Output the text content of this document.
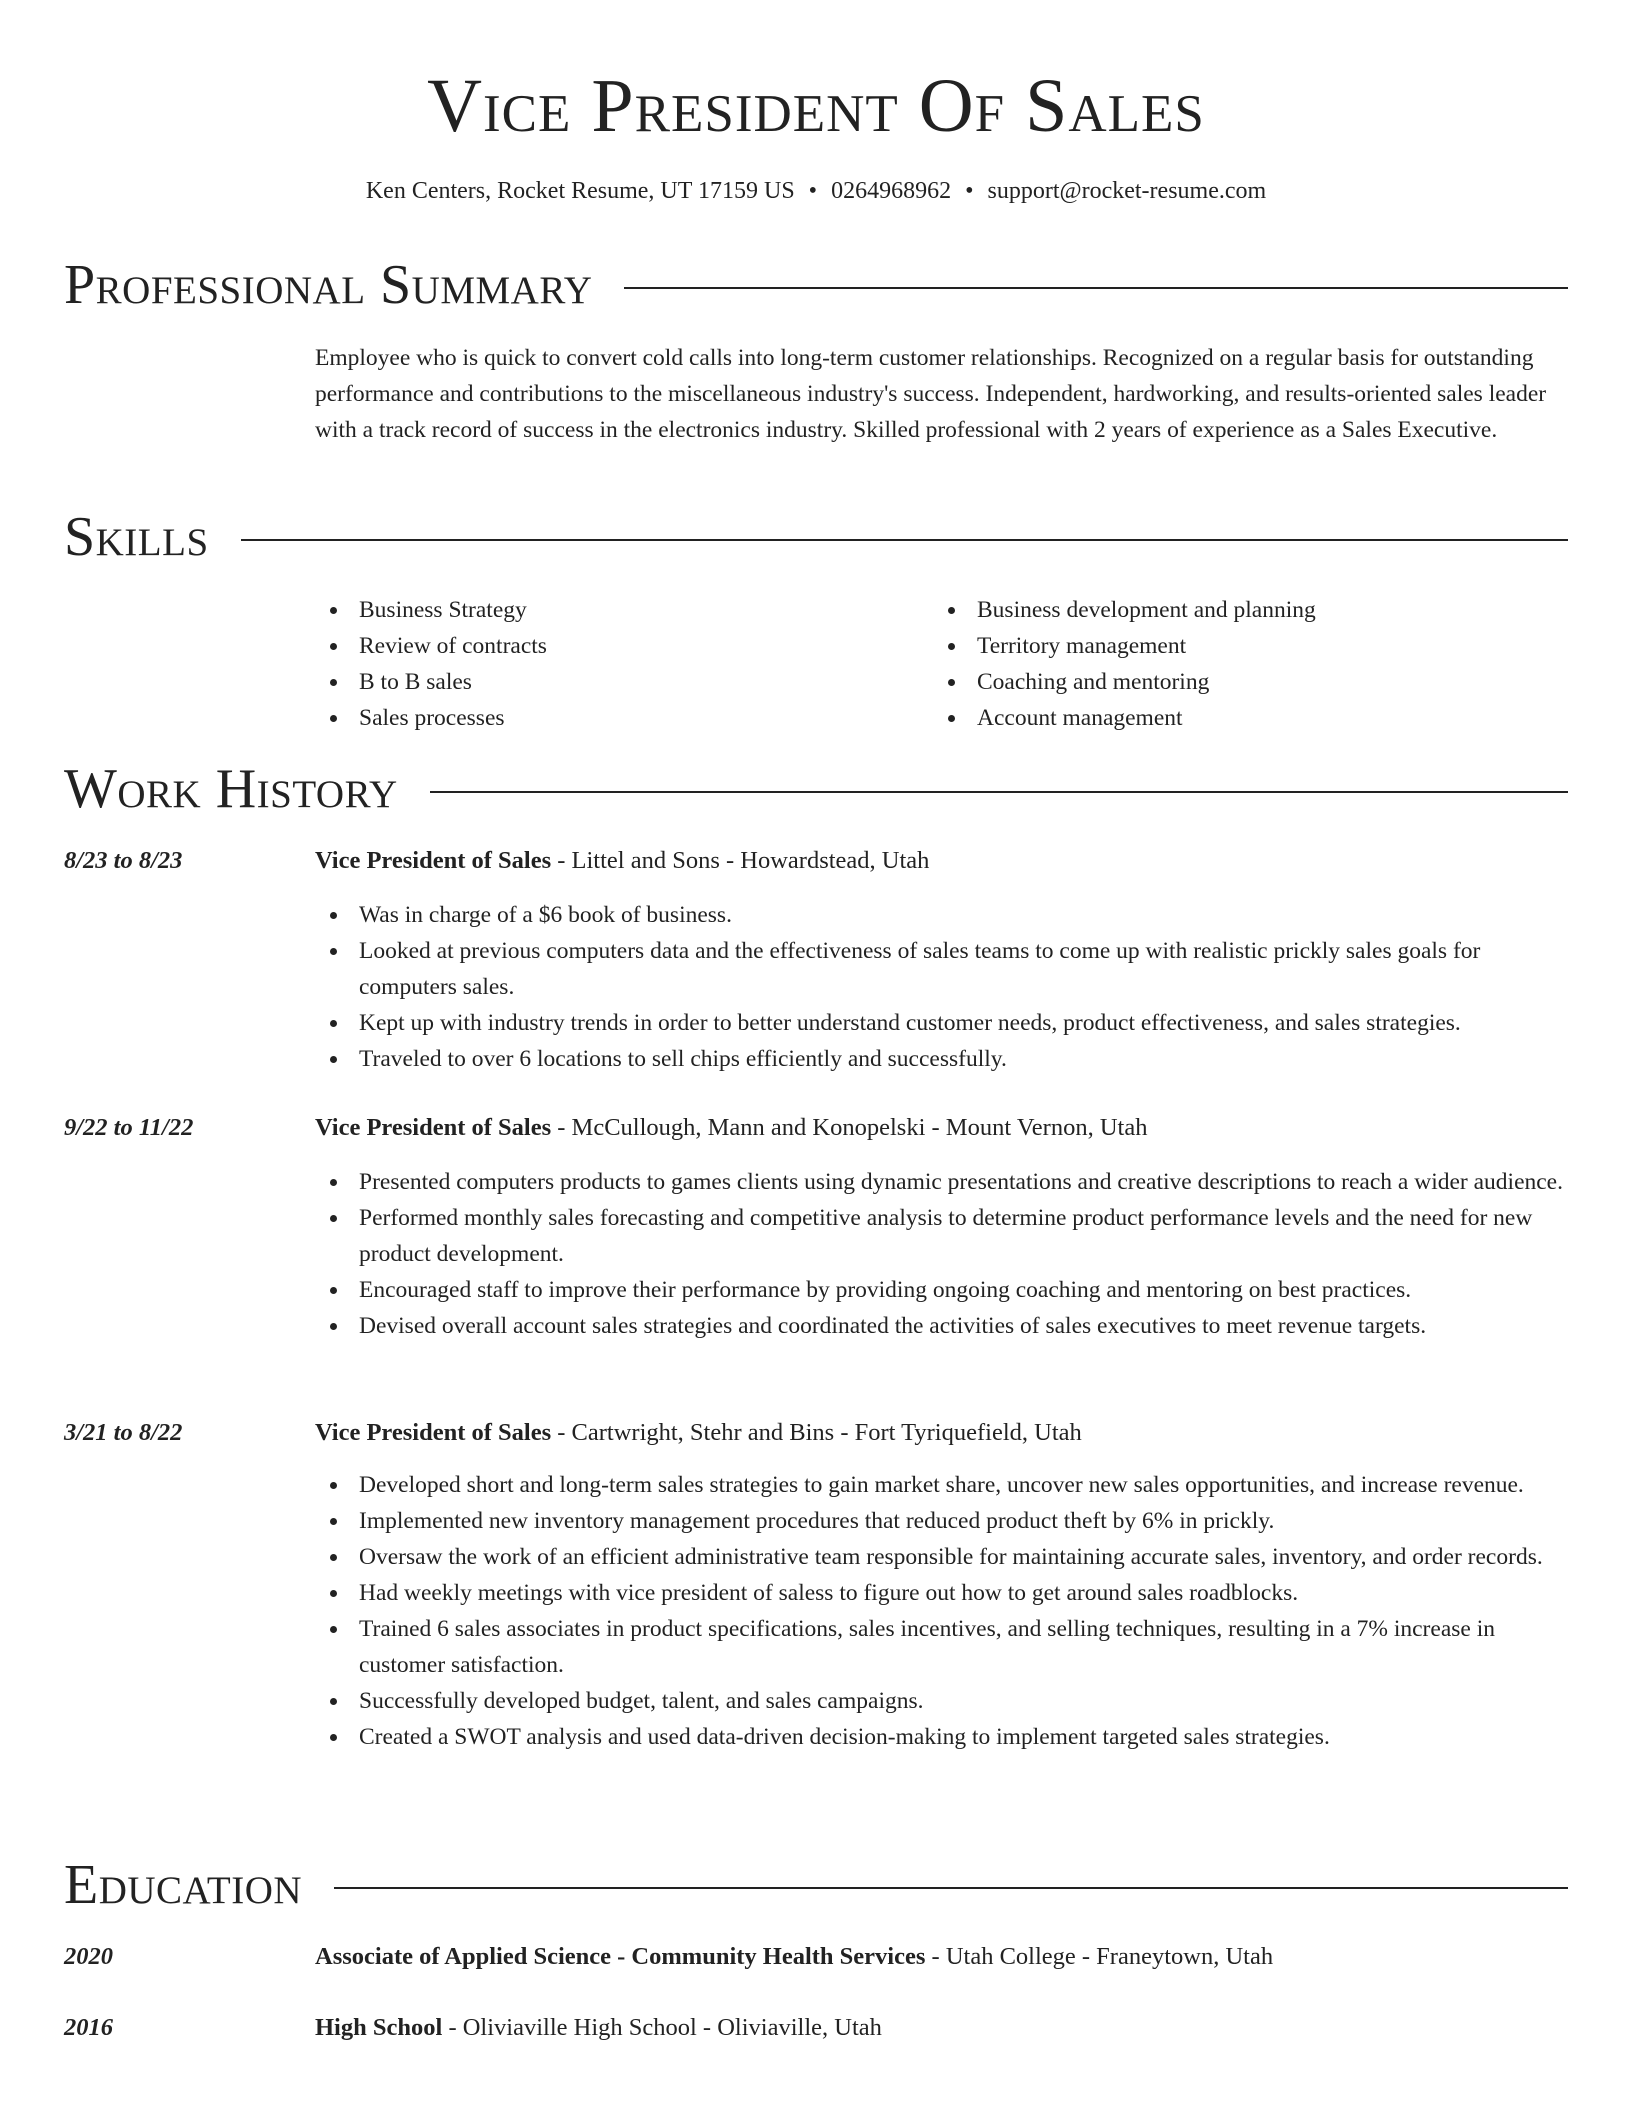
Vice President Of Sales
Ken Centers, Rocket Resume, UT 17159 US • 0264968962 • support@rocket-resume.com
Professional Summary

Employee who is quick to convert cold calls into long-term customer relationships. Recognized on a regular basis for outstanding performance and contributions to the miscellaneous industry's success. Independent, hardworking, and results-oriented sales leader with a track record of success in the electronics industry. Skilled professional with 2 years of experience as a Sales Executive.

Skills
Business Strategy
Review of contracts
B to B sales
Sales processes
Business development and planning
Territory management
Coaching and mentoring
Account management
Work History
8/23 to 8/23	Vice President of Sales - Littel and Sons - Howardstead, Utah
Was in charge of a $6 book of business.
Looked at previous computers data and the effectiveness of sales teams to come up with realistic prickly sales goals for computers sales.
Kept up with industry trends in order to better understand customer needs, product effectiveness, and sales strategies.
Traveled to over 6 locations to sell chips efficiently and successfully.
9/22 to 11/22	Vice President of Sales - McCullough, Mann and Konopelski - Mount Vernon, Utah
Presented computers products to games clients using dynamic presentations and creative descriptions to reach a wider audience.
Performed monthly sales forecasting and competitive analysis to determine product performance levels and the need for new product development.
Encouraged staff to improve their performance by providing ongoing coaching and mentoring on best practices.
Devised overall account sales strategies and coordinated the activities of sales executives to meet revenue targets.
3/21 to 8/22	Vice President of Sales - Cartwright, Stehr and Bins - Fort Tyriquefield, Utah
Developed short and long-term sales strategies to gain market share, uncover new sales opportunities, and increase revenue.
Implemented new inventory management procedures that reduced product theft by 6% in prickly.
Oversaw the work of an efficient administrative team responsible for maintaining accurate sales, inventory, and order records.
Had weekly meetings with vice president of saless to figure out how to get around sales roadblocks.
Trained 6 sales associates in product specifications, sales incentives, and selling techniques, resulting in a 7% increase in customer satisfaction.
Successfully developed budget, talent, and sales campaigns.
Created a SWOT analysis and used data-driven decision-making to implement targeted sales strategies.
Education
2020	Associate of Applied Science - Community Health Services - Utah College - Franeytown, Utah
2016	High School - Oliviaville High School - Oliviaville, Utah
